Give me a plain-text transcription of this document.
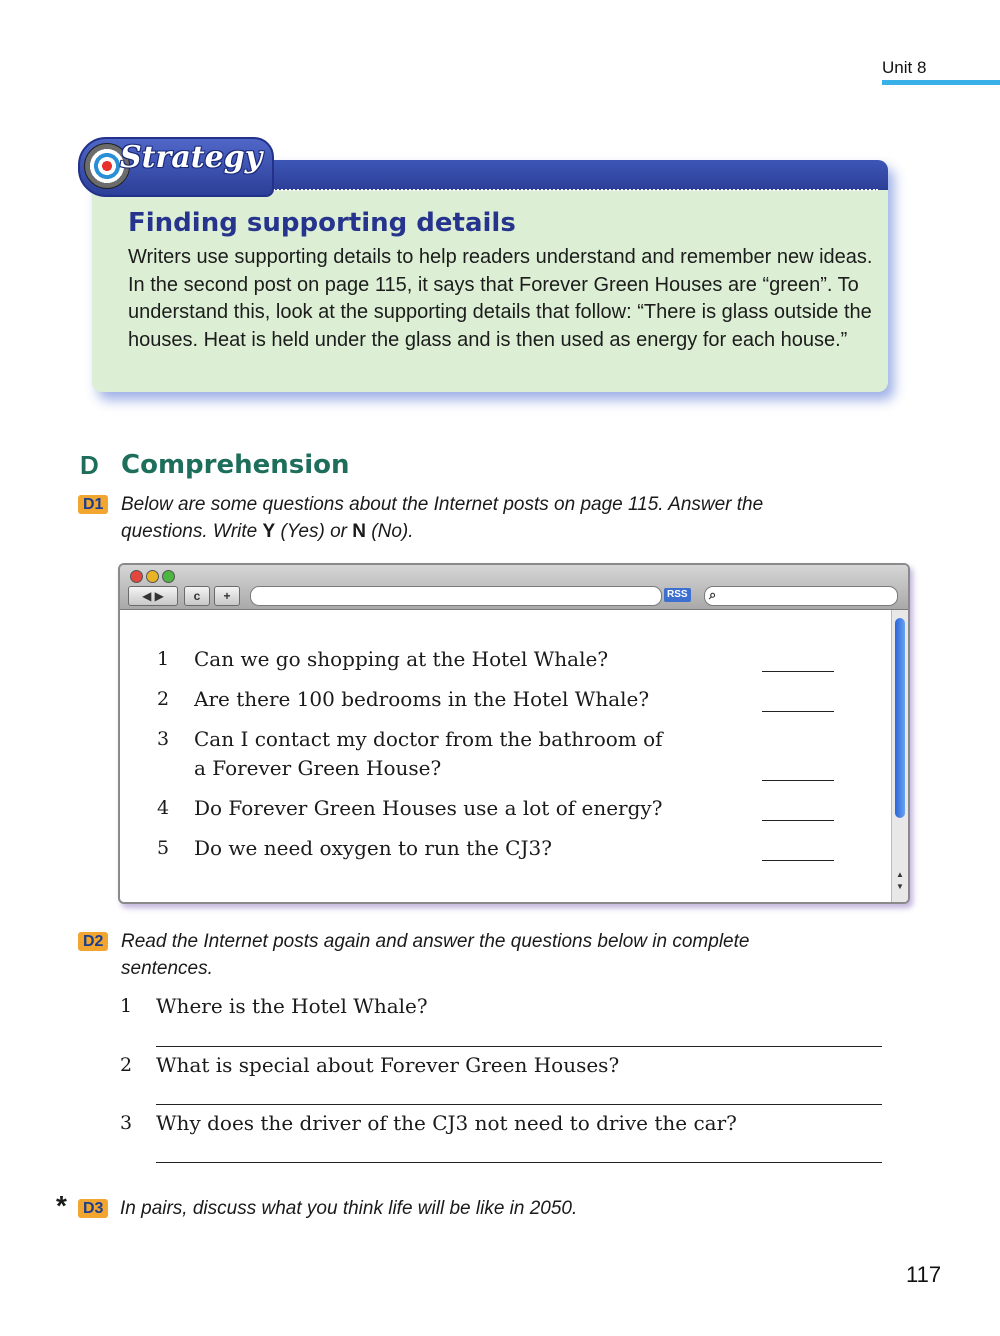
Unit 8
Strategy
Finding supporting details
Writers use supporting details to help readers understand and remember new ideas. In the second post on page 115, it says that Forever Green Houses are “green”. To understand this, look at the supporting details that follow: “There is glass outside the houses. Heat is held under the glass and is then used as energy for each house.”
D Comprehension
D1 Below are some questions about the Internet posts on page 115. Answer the questions. Write Y (Yes) or N (No).
◀ ▶	c	+	RSS ⌕
▲
▼
1 Can we go shopping at the Hotel Whale?
2 Are there 100 bedrooms in the Hotel Whale?
3 Can I contact my doctor from the bathroom of
a Forever Green House?
4 Do Forever Green Houses use a lot of energy?
5 Do we need oxygen to run the CJ3?
D2 Read the Internet posts again and answer the questions below in complete sentences.
1 Where is the Hotel Whale?
2 What is special about Forever Green Houses?
3 Why does the driver of the CJ3 not need to drive the car?
*	D3 In pairs, discuss what you think life will be like in 2050.
117
